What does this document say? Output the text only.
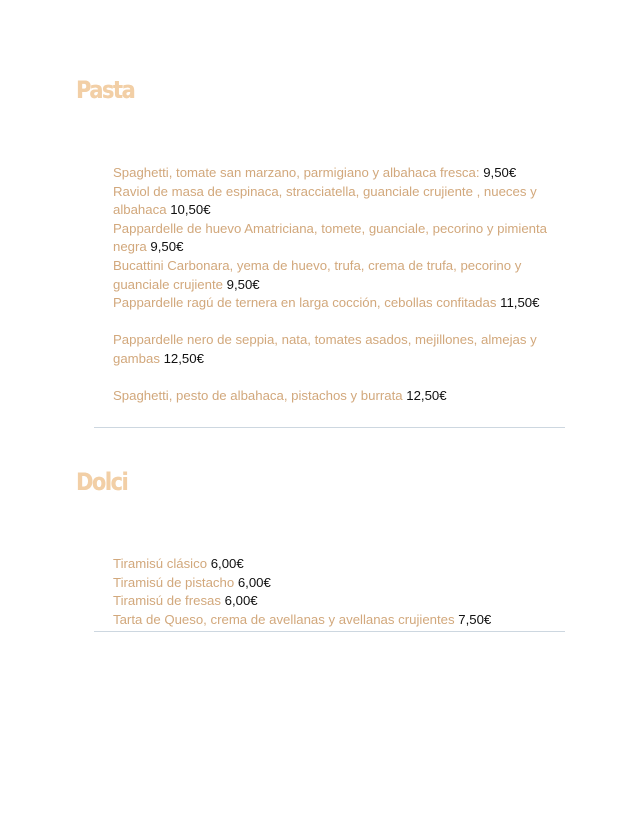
Pasta
Spaghetti, tomate san marzano, parmigiano y albahaca fresca: 9,50€
Raviol de masa de espinaca, stracciatella, guanciale crujiente , nueces y albahaca 10,50€
Pappardelle de huevo Amatriciana, tomete, guanciale, pecorino y pimienta negra 9,50€
Bucattini Carbonara, yema de huevo, trufa, crema de trufa, pecorino y guanciale crujiente 9,50€
Pappardelle ragú de ternera en larga cocción, cebollas confitadas 11,50€
Pappardelle nero de seppia, nata, tomates asados, mejillones, almejas y gambas 12,50€
Spaghetti, pesto de albahaca, pistachos y burrata 12,50€
Dolci
Tiramisú clásico 6,00€
Tiramisú de pistacho 6,00€
Tiramisú de fresas 6,00€
Tarta de Queso, crema de avellanas y avellanas crujientes 7,50€
